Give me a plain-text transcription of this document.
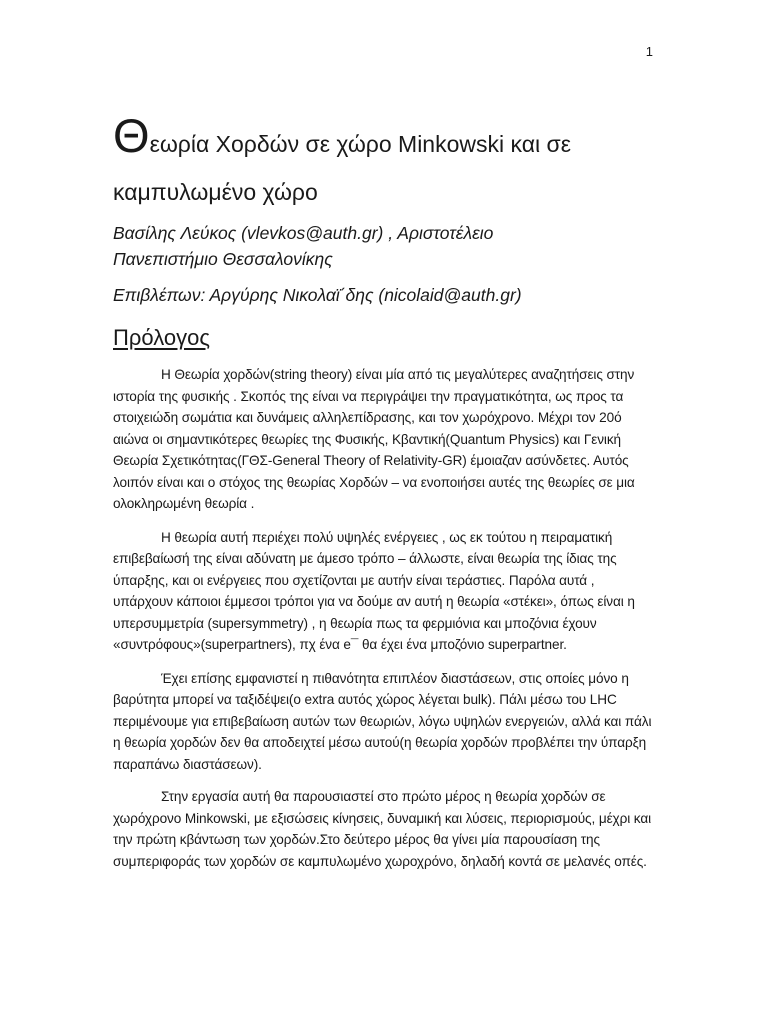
1
Θεωρία Χορδών σε χώρο Minkowski και σε
καμπυλωμένο χώρο
Βασίλης Λεύκος (vlevkos@auth.gr) , Αριστοτέλειο
Πανεπιστήμιο Θεσσαλονίκης
Επιβλέπων: Αργύρης Νικολαϊ΄δης (nicolaid@auth.gr)
Πρόλογος

Η Θεωρία χορδών(string theory) είναι μία από τις μεγαλύτερες αναζητήσεις στην ιστορία της φυσικής . Σκοπός της είναι να περιγράψει την πραγματικότητα, ως προς τα στοιχειώδη σωμάτια και δυνάμεις αλληλεπίδρασης, και τον χωρόχρονο. Μέχρι τον 20ό αιώνα οι σημαντικότερες θεωρίες της Φυσικής, Κβαντική(Quantum Physics) και Γενική Θεωρία Σχετικότητας(ΓΘΣ-General Theory of Relativity-GR) έμοιαζαν ασύνδετες. Αυτός λοιπόν είναι και ο στόχος της θεωρίας Χορδών – να ενοποιήσει αυτές της θεωρίες σε μια ολοκληρωμένη θεωρία .

Η θεωρία αυτή περιέχει πολύ υψηλές ενέργειες , ως εκ τούτου η πειραματική επιβεβαίωσή της είναι αδύνατη με άμεσο τρόπο – άλλωστε, είναι θεωρία της ίδιας της ύπαρξης, και οι ενέργειες που σχετίζονται με αυτήν είναι τεράστιες. Παρόλα αυτά , υπάρχουν κάποιοι έμμεσοι τρόποι για να δούμε αν αυτή η θεωρία «στέκει», όπως είναι η υπερσυμμετρία (supersymmetry) , η θεωρία πως τα φερμιόνια και μποζόνια έχουν «συντρόφους»(superpartners), πχ ένα e¯ θα έχει ένα μποζόνιο superpartner.

Έχει επίσης εμφανιστεί η πιθανότητα επιπλέον διαστάσεων, στις οποίες μόνο η βαρύτητα μπορεί να ταξιδέψει(ο extra αυτός χώρος λέγεται bulk). Πάλι μέσω του LHC περιμένουμε για επιβεβαίωση αυτών των θεωριών, λόγω υψηλών ενεργειών, αλλά και πάλι η θεωρία χορδών δεν θα αποδειχτεί μέσω αυτού(η θεωρία χορδών προβλέπει την ύπαρξη παραπάνω διαστάσεων).

Στην εργασία αυτή θα παρουσιαστεί στο πρώτο μέρος η θεωρία χορδών σε χωρόχρονο Minkowski, με εξισώσεις κίνησεις, δυναμική και λύσεις, περιορισμούς, μέχρι και την πρώτη κβάντωση των χορδών.Στο δεύτερο μέρος θα γίνει μία παρουσίαση της συμπεριφοράς των χορδών σε καμπυλωμένο χωροχρόνο, δηλαδή κοντά σε μελανές οπές.
